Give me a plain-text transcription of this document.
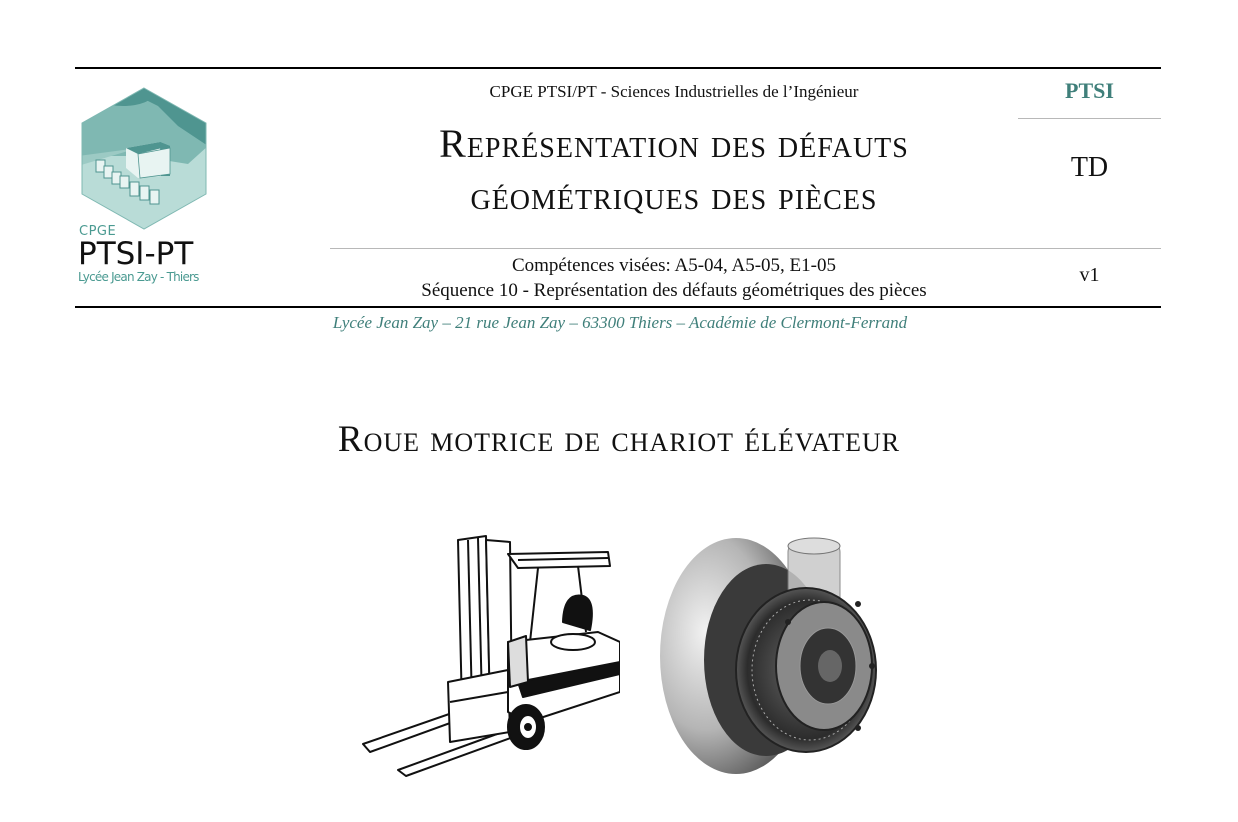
CPGE
PTSI-PT
Lycée Jean Zay - Thiers
CPGE PTSI/PT - Sciences Industrielles de l’Ingénieur
Représentation des défauts
géométriques des pièces
Compétences visées: A5-04, A5-05, E1-05
Séquence 10 - Représentation des défauts géométriques des pièces
PTSI
TD
v1
Lycée Jean Zay – 21 rue Jean Zay – 63300 Thiers – Académie de Clermont-Ferrand
Roue motrice de chariot élévateur
